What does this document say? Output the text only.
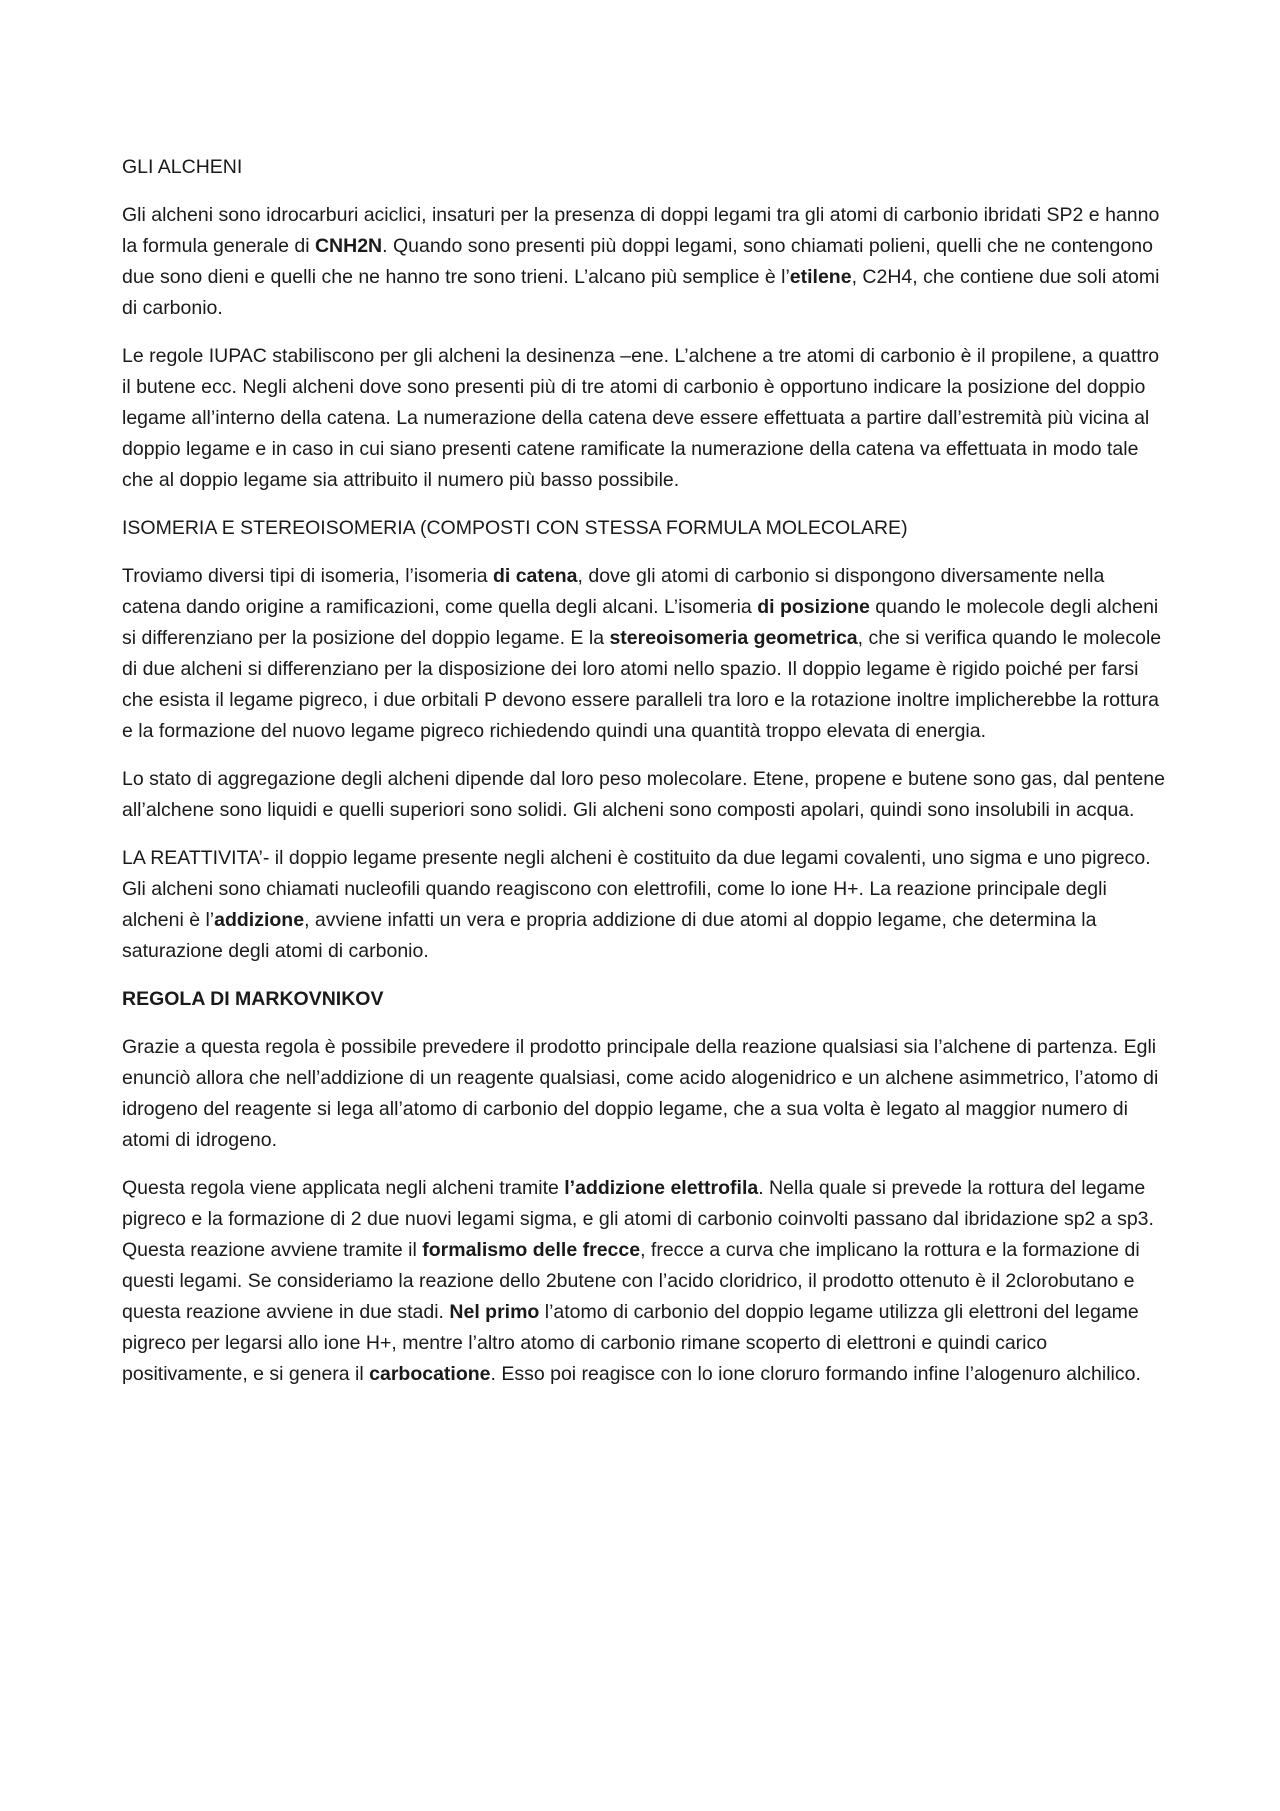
GLI ALCHENI

Gli alcheni sono idrocarburi aciclici, insaturi per la presenza di doppi legami tra gli atomi di carbonio ibridati SP2 e hanno la formula generale di CNH2N. Quando sono presenti più doppi legami, sono chiamati polieni, quelli che ne contengono due sono dieni e quelli che ne hanno tre sono trieni. L’alcano più semplice è l’etilene, C2H4, che contiene due soli atomi di carbonio.

Le regole IUPAC stabiliscono per gli alcheni la desinenza –ene. L’alchene a tre atomi di carbonio è il propilene, a quattro il butene ecc. Negli alcheni dove sono presenti più di tre atomi di carbonio è opportuno indicare la posizione del doppio legame all’interno della catena. La numerazione della catena deve essere effettuata a partire dall’estremità più vicina al doppio legame e in caso in cui siano presenti catene ramificate la numerazione della catena va effettuata in modo tale che al doppio legame sia attribuito il numero più basso possibile.

ISOMERIA E STEREOISOMERIA (COMPOSTI CON STESSA FORMULA MOLECOLARE)

Troviamo diversi tipi di isomeria, l’isomeria di catena, dove gli atomi di carbonio si dispongono diversamente nella catena dando origine a ramificazioni, come quella degli alcani. L’isomeria di posizione quando le molecole degli alcheni si differenziano per la posizione del doppio legame. E la stereoisomeria geometrica, che si verifica quando le molecole di due alcheni si differenziano per la disposizione dei loro atomi nello spazio. Il doppio legame è rigido poiché per farsi che esista il legame pigreco, i due orbitali P devono essere paralleli tra loro e la rotazione inoltre implicherebbe la rottura e la formazione del nuovo legame pigreco richiedendo quindi una quantità troppo elevata di energia.

Lo stato di aggregazione degli alcheni dipende dal loro peso molecolare. Etene, propene e butene sono gas, dal pentene all’alchene sono liquidi e quelli superiori sono solidi. Gli alcheni sono composti apolari, quindi sono insolubili in acqua.

LA REATTIVITA’- il doppio legame presente negli alcheni è costituito da due legami covalenti, uno sigma e uno pigreco. Gli alcheni sono chiamati nucleofili quando reagiscono con elettrofili, come lo ione H+. La reazione principale degli alcheni è l’addizione, avviene infatti un vera e propria addizione di due atomi al doppio legame, che determina la saturazione degli atomi di carbonio.

REGOLA DI MARKOVNIKOV

Grazie a questa regola è possibile prevedere il prodotto principale della reazione qualsiasi sia l’alchene di partenza. Egli enunciò allora che nell’addizione di un reagente qualsiasi, come acido alogenidrico e un alchene asimmetrico, l’atomo di idrogeno del reagente si lega all’atomo di carbonio del doppio legame, che a sua volta è legato al maggior numero di atomi di idrogeno.

Questa regola viene applicata negli alcheni tramite l’addizione elettrofila. Nella quale si prevede la rottura del legame pigreco e la formazione di 2 due nuovi legami sigma, e gli atomi di carbonio coinvolti passano dal ibridazione sp2 a sp3. Questa reazione avviene tramite il formalismo delle frecce, frecce a curva che implicano la rottura e la formazione di questi legami. Se consideriamo la reazione dello 2butene con l’acido cloridrico, il prodotto ottenuto è il 2clorobutano e questa reazione avviene in due stadi. Nel primo l’atomo di carbonio del doppio legame utilizza gli elettroni del legame pigreco per legarsi allo ione H+, mentre l’altro atomo di carbonio rimane scoperto di elettroni e quindi carico positivamente, e si genera il carbocatione. Esso poi reagisce con lo ione cloruro formando infine l’alogenuro alchilico.
